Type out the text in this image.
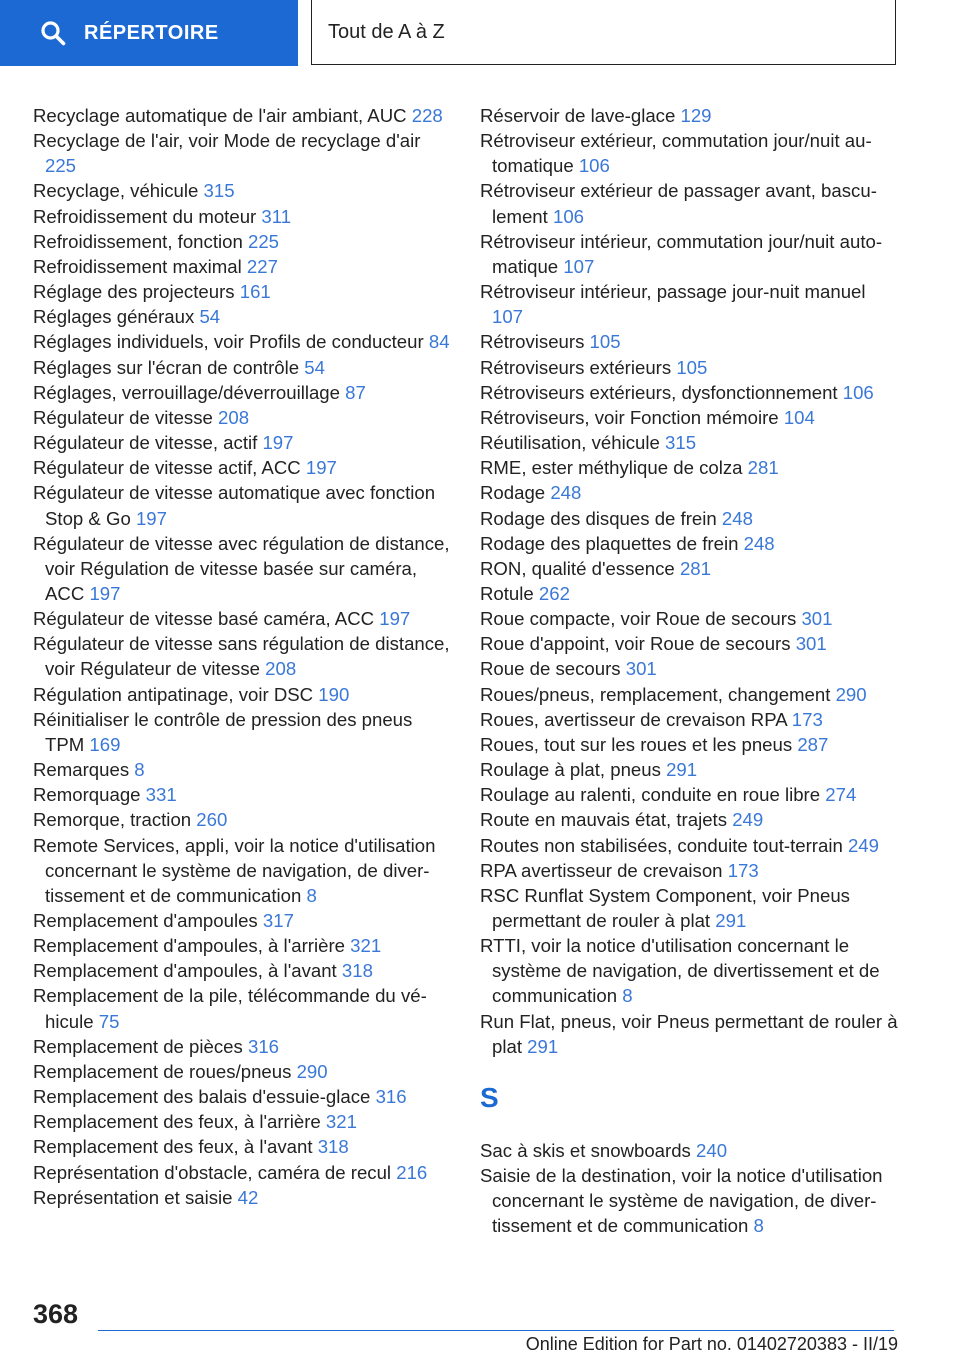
RÉPERTOIRE	Tout de A à Z
Recyclage automatique de l'air ambiant, AUC 228
Recyclage de l'air, voir Mode de recyclage d'air 225
Recyclage, véhicule 315
Refroidissement du moteur 311
Refroidissement, fonction 225
Refroidissement maximal 227
Réglage des projecteurs 161
Réglages généraux 54
Réglages individuels, voir Profils de conducteur 84
Réglages sur l'écran de contrôle 54
Réglages, verrouillage/déverrouillage 87
Régulateur de vitesse 208
Régulateur de vitesse, actif 197
Régulateur de vitesse actif, ACC 197
Régulateur de vitesse automatique avec fonction Stop & Go 197
Régulateur de vitesse avec régulation de distance, voir Régulation de vitesse basée sur caméra, ACC 197
Régulateur de vitesse basé caméra, ACC 197
Régulateur de vitesse sans régulation de distance, voir Régulateur de vitesse 208
Régulation antipatinage, voir DSC 190
Réinitialiser le contrôle de pression des pneus TPM 169
Remarques 8
Remorquage 331
Remorque, traction 260
Remote Services, appli, voir la notice d'utilisation concernant le système de navigation, de divertissement et de communication 8
Remplacement d'ampoules 317
Remplacement d'ampoules, à l'arrière 321
Remplacement d'ampoules, à l'avant 318
Remplacement de la pile, télécommande du véhicule 75
Remplacement de pièces 316
Remplacement de roues/pneus 290
Remplacement des balais d'essuie-glace 316
Remplacement des feux, à l'arrière 321
Remplacement des feux, à l'avant 318
Représentation d'obstacle, caméra de recul 216
Représentation et saisie 42
Réservoir de lave-glace 129
Rétroviseur extérieur, commutation jour/nuit automatique 106
Rétroviseur extérieur de passager avant, basculement 106
Rétroviseur intérieur, commutation jour/nuit automatique 107
Rétroviseur intérieur, passage jour-nuit manuel 107
Rétroviseurs 105
Rétroviseurs extérieurs 105
Rétroviseurs extérieurs, dysfonctionnement 106
Rétroviseurs, voir Fonction mémoire 104
Réutilisation, véhicule 315
RME, ester méthylique de colza 281
Rodage 248
Rodage des disques de frein 248
Rodage des plaquettes de frein 248
RON, qualité d'essence 281
Rotule 262
Roue compacte, voir Roue de secours 301
Roue d'appoint, voir Roue de secours 301
Roue de secours 301
Roues/pneus, remplacement, changement 290
Roues, avertisseur de crevaison RPA 173
Roues, tout sur les roues et les pneus 287
Roulage à plat, pneus 291
Roulage au ralenti, conduite en roue libre 274
Route en mauvais état, trajets 249
Routes non stabilisées, conduite tout-terrain 249
RPA avertisseur de crevaison 173
RSC Runflat System Component, voir Pneus permettant de rouler à plat 291
RTTI, voir la notice d'utilisation concernant le système de navigation, de divertissement et de communication 8
Run Flat, pneus, voir Pneus permettant de rouler à plat 291
S
Sac à skis et snowboards 240
Saisie de la destination, voir la notice d'utilisation concernant le système de navigation, de divertissement et de communication 8
368
Online Edition for Part no. 01402720383 - II/19
